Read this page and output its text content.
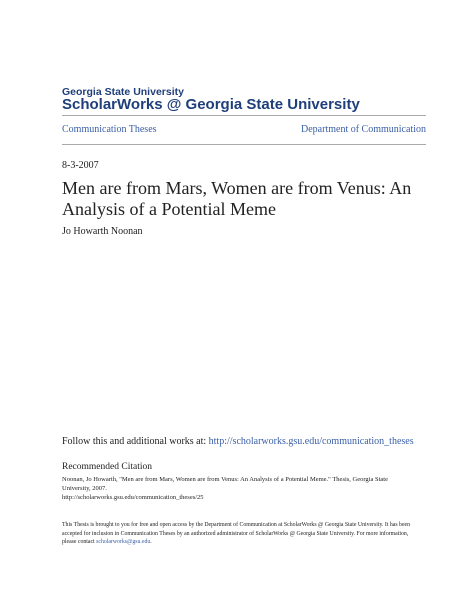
Georgia State University
ScholarWorks @ Georgia State University
Communication Theses	Department of Communication
8-3-2007
Men are from Mars, Women are from Venus: An Analysis of a Potential Meme
Jo Howarth Noonan
Follow this and additional works at: http://scholarworks.gsu.edu/communication_theses
Recommended Citation
Noonan, Jo Howarth, "Men are from Mars, Women are from Venus: An Analysis of a Potential Meme." Thesis, Georgia State University, 2007.
http://scholarworks.gsu.edu/communication_theses/25
This Thesis is brought to you for free and open access by the Department of Communication at ScholarWorks @ Georgia State University. It has been accepted for inclusion in Communication Theses by an authorized administrator of ScholarWorks @ Georgia State University. For more information, please contact scholarworks@gsu.edu.
